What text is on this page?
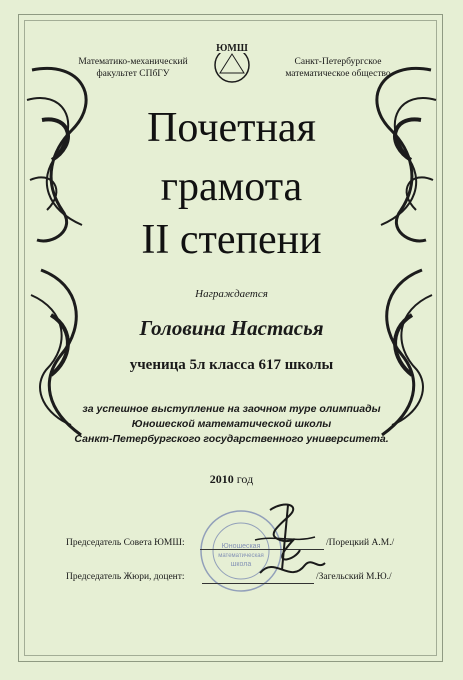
Математико-механический
факультет СПбГУ
ЮМШ
Санкт-Петербургское
математическое общество
Почетная
грамота
II степени
Награждается
Головина Настасья
ученица 5л класса 617 школы
за успешное выступление на заочном туре олимпиады
Юношеской математической школы
Санкт-Петербургского государственного университета.
2010 год
Юношеская
математическая
школа
Председатель Совета ЮМШ:	/Порецкий А.М./
Председатель Жюри, доцент:	/Загельский М.Ю./
